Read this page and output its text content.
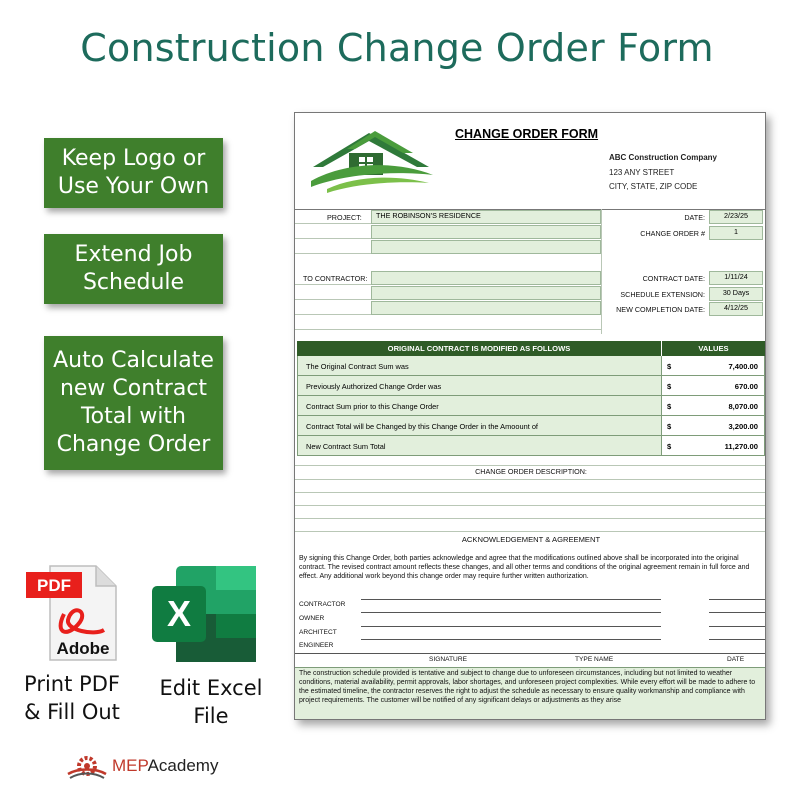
Construction Change Order Form
Keep Logo or
Use Your Own
Extend Job
Schedule
Auto Calculate
new Contract
Total with
Change Order
PDF
Adobe
Print PDF
& Fill Out
X
Edit Excel
File
MEPAcademy
CHANGE ORDER FORM
ABC Construction Company
123 ANY STREET
CITY, STATE, ZIP CODE
PROJECT:	THE ROBINSON'S RESIDENCE	DATE:	2/23/25
CHANGE ORDER #	1
TO CONTRACTOR:	CONTRACT DATE:	1/11/24
SCHEDULE EXTENSION:	30 Days
NEW COMPLETION DATE:	4/12/25
ORIGINAL CONTRACT IS MODIFIED AS FOLLOWS	VALUES
The Original Contract Sum was	$	7,400.00
Previously Authorized Change Order was	$	670.00
Contract Sum prior to this Change Order	$	8,070.00
Contract Total will be Changed by this Change Order in the Amoount of	$	3,200.00
New Contract Sum Total	$	11,270.00
CHANGE ORDER DESCRIPTION:
ACKNOWLEDGEMENT & AGREEMENT
By signing this Change Order, both parties acknowledge and agree that the modifications outlined above shall be incorporated into the original contract. The revised contract amount reflects these changes, and all other terms and conditions of the original agreement remain in full force and effect. Any additional work beyond this change order may require further written authorization.
CONTRACTOR
OWNER
ARCHITECT
ENGINEER
SIGNATURE	TYPE NAME	DATE
The construction schedule provided is tentative and subject to change due to unforeseen circumstances, including but not limited to weather conditions, material availability, permit approvals, labor shortages, and unforeseen project complexities. While every effort will be made to adhere to the estimated timeline, the contractor reserves the right to adjust the schedule as necessary to ensure quality workmanship and compliance with project requirements. The customer will be notified of any significant delays or adjustments as they arise
